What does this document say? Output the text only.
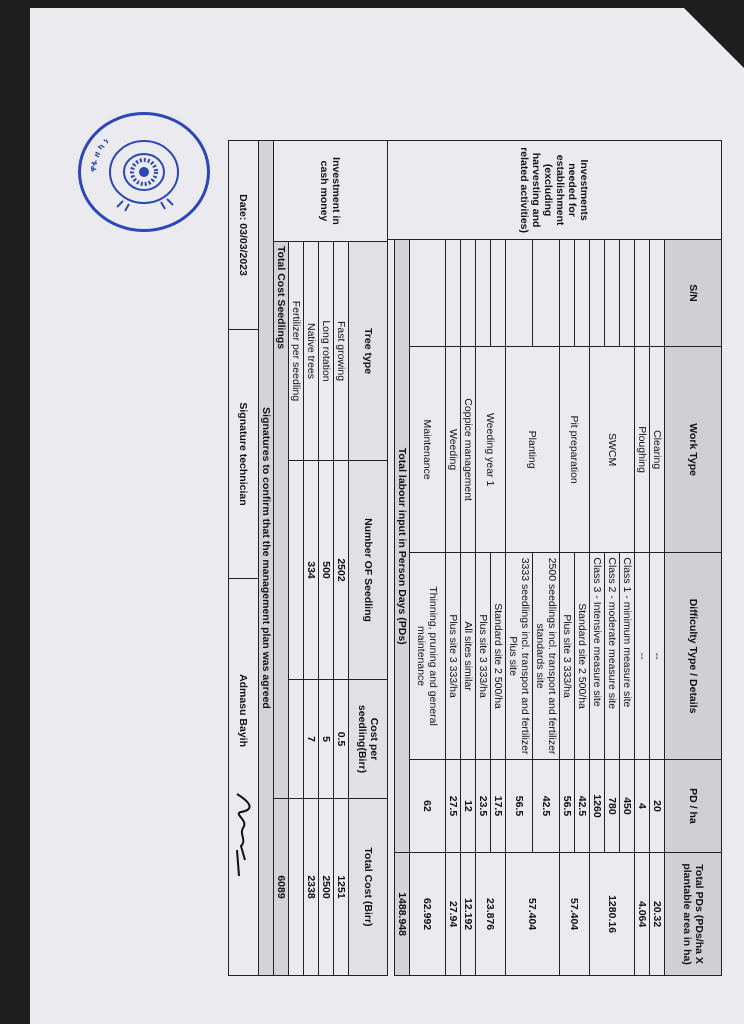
Investments needed for establishment (excluding harvesting and related activities)	S/N	Work Type	Difficulty Type / Details	PD / ha	Total PDs (PDs/ha X plantable area in ha)
		Clearing	--	20	20.32
		Ploughing	--	4	4.064
		SWCM	Class 1 - minimum measure site	450	1280.16
			Class 2 - moderate measure site	780	
			Class 3 - Intensive measure site	1260	
		Pit preparation	Standard site 2 500/ha	42.5	57.404
			Plus site 3 333/ha	56.5	
		Planting	2500 seedlings incl. transport and fertilizer standards site	42.5	57.404
			3333 seedlings incl. transport and fertilizer Plus site	56.5	
		Weeding year 1	Standard site 2 500/ha	17.5	23.876
			Plus site 3 333/ha	23.5	
		Coppice management	All sites similar	12	12.192
		Weeding	Plus site 3 333/ha	27.5	27.94
		Maintenance	Thinning, pruning and general maintenance	62	62.992
	Total labour input in Person Days (PDs)				1488.948

Investment in cash money	Tree type	Number OF Seedling	Cost per seedling(Birr)	Total Cost (Birr)
	Fast growing	2502	0.5	1251
	Long rotation	500	5	2500
	Native trees	334	7	2338
	Fertilizer per seedling			
	Total Cost Seedlings			6089
Signatures to confirm that the management plan was agreed
Date: 03/03/2023	Signature technician	Admasu Bayih
ዋፋ ዘ ካ ነ
